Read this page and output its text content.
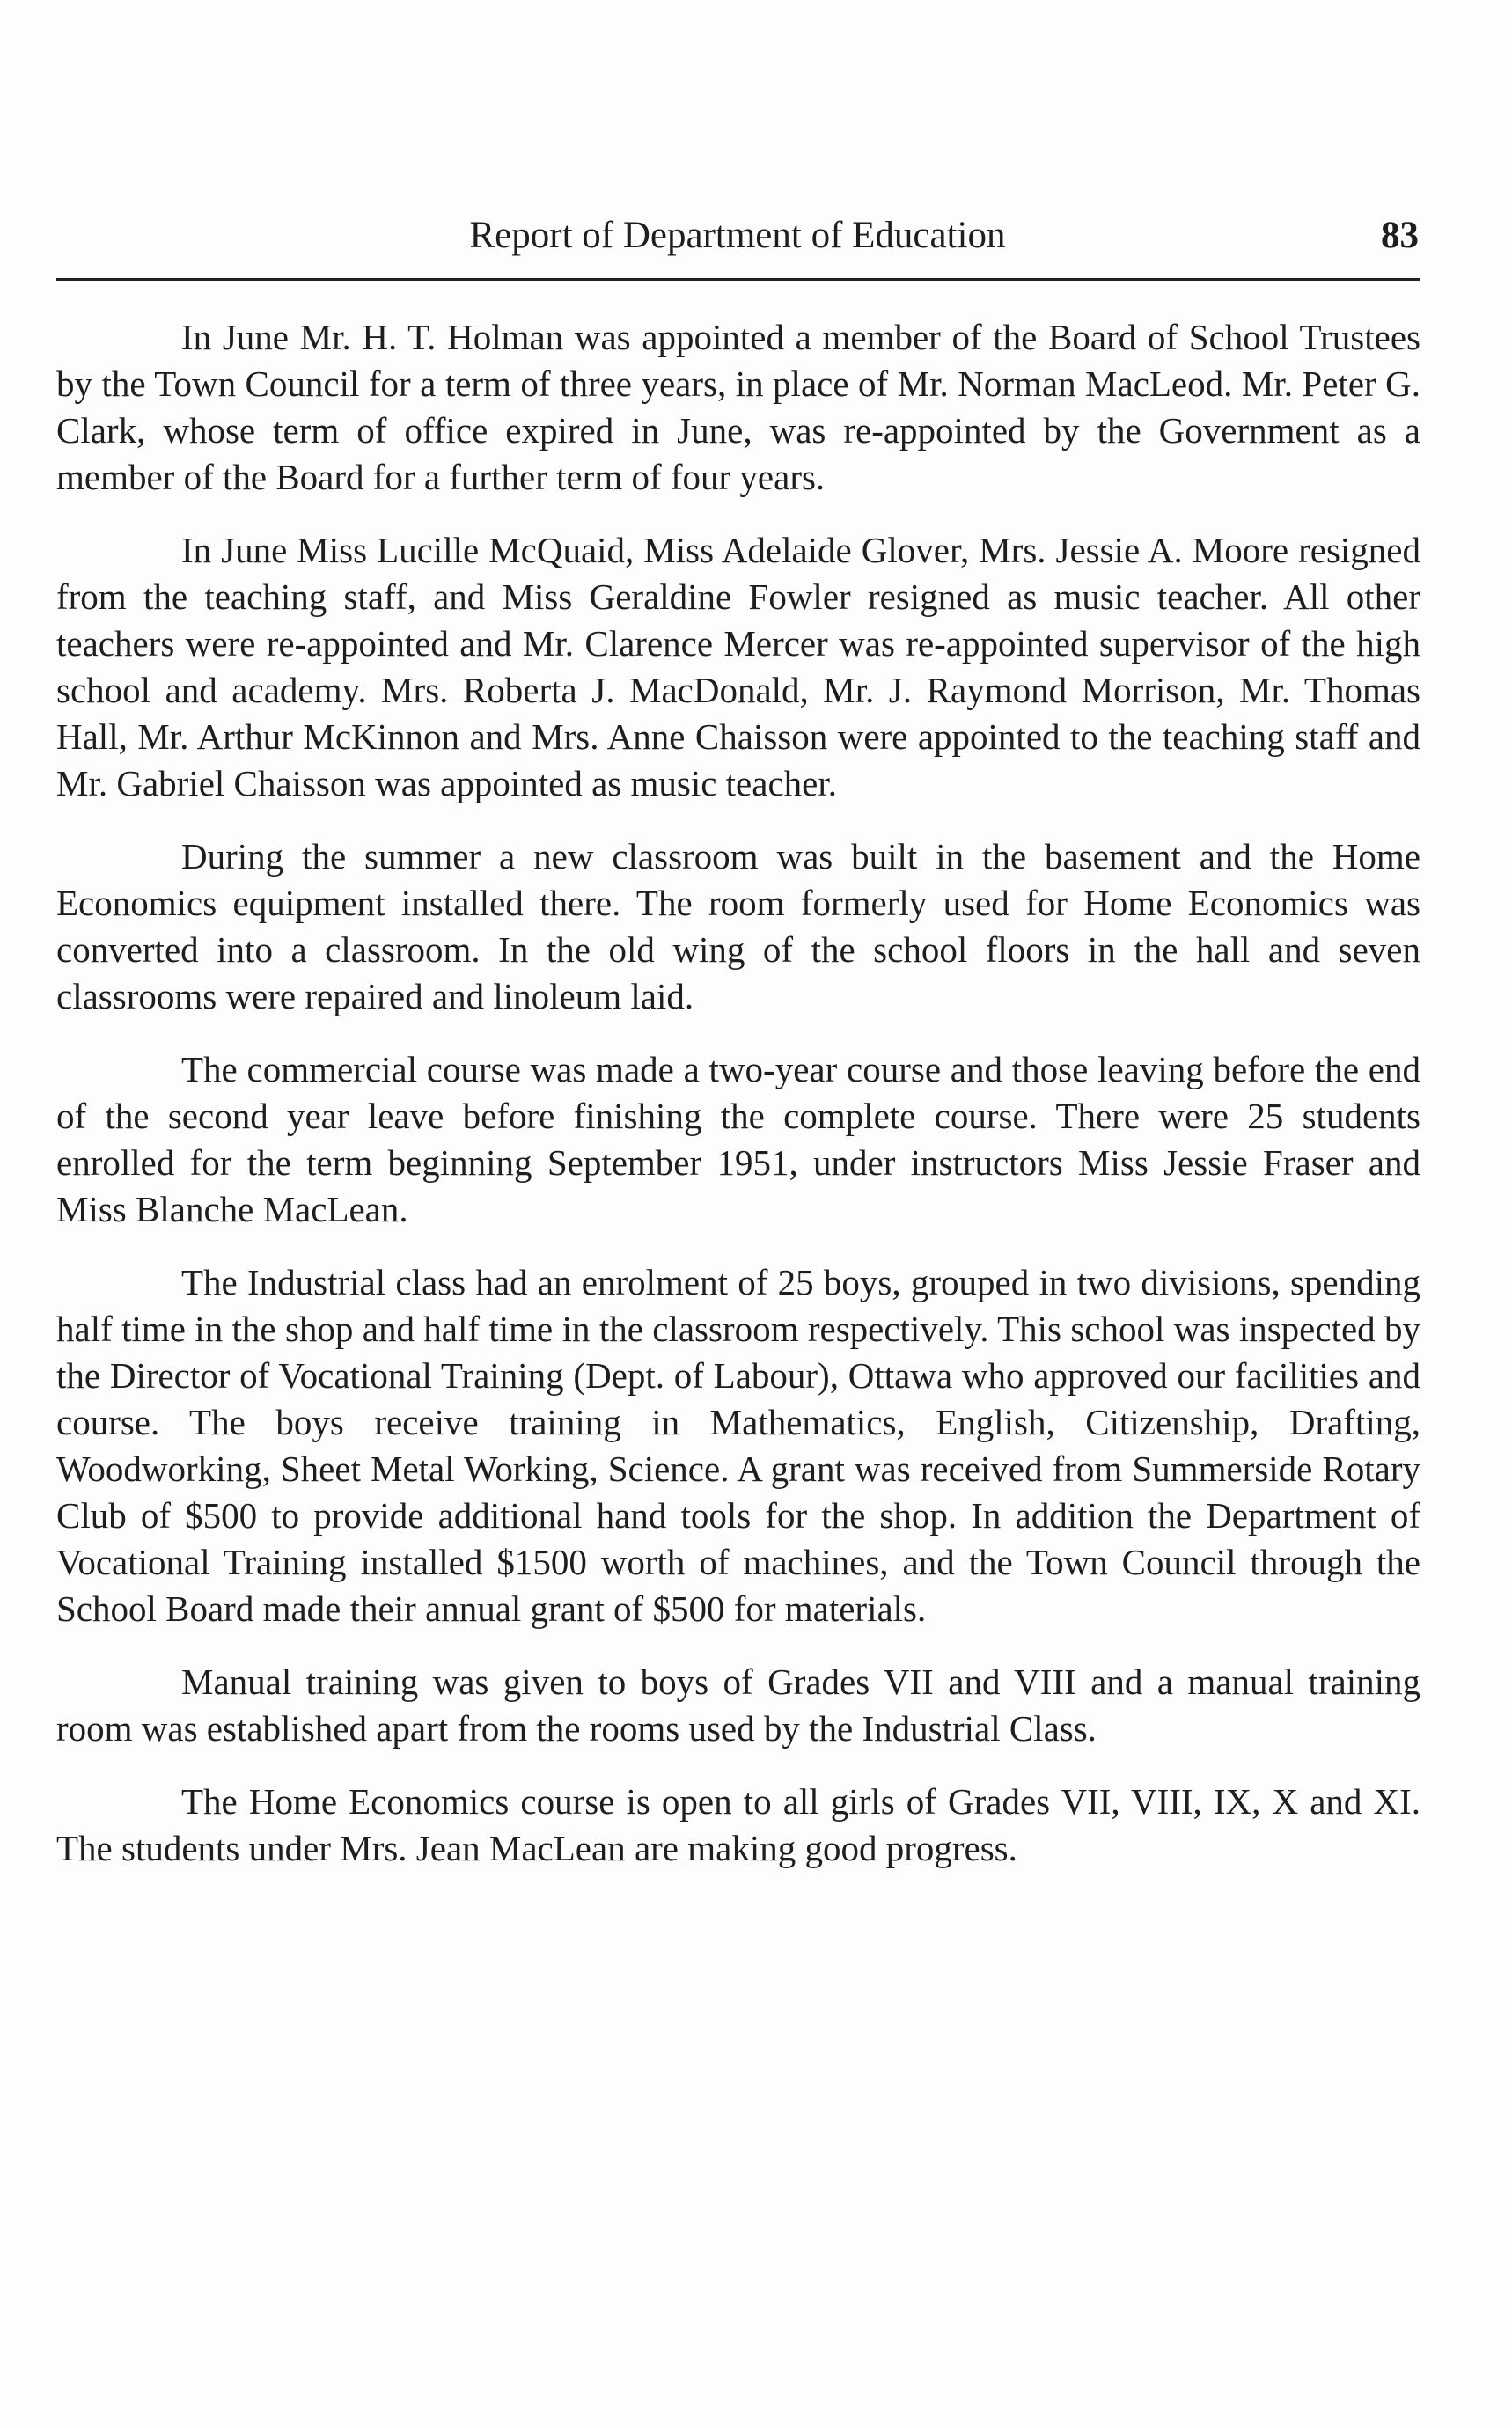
Report of Department of Education	83

In June Mr. H. T. Holman was appointed a member of the Board of School Trustees by the Town Council for a term of three years, in place of Mr. Norman MacLeod. Mr. Peter G. Clark, whose term of office expired in June, was re-appointed by the Government as a member of the Board for a further term of four years.

In June Miss Lucille McQuaid, Miss Adelaide Glover, Mrs. Jessie A. Moore resigned from the teaching staff, and Miss Geraldine Fowler resigned as music teacher. All other teachers were re-appointed and Mr. Clarence Mercer was re-appointed supervisor of the high school and academy. Mrs. Roberta J. MacDonald, Mr. J. Raymond Morrison, Mr. Thomas Hall, Mr. Arthur McKinnon and Mrs. Anne Chaisson were appointed to the teaching staff and Mr. Gabriel Chaisson was appointed as music teacher.

During the summer a new classroom was built in the basement and the Home Economics equipment installed there. The room formerly used for Home Economics was converted into a classroom. In the old wing of the school floors in the hall and seven classrooms were repaired and linoleum laid.

The commercial course was made a two-year course and those leaving before the end of the second year leave before finishing the complete course. There were 25 students enrolled for the term beginning September 1951, under instructors Miss Jessie Fraser and Miss Blanche MacLean.

The Industrial class had an enrolment of 25 boys, grouped in two divisions, spending half time in the shop and half time in the classroom respectively. This school was inspected by the Director of Vocational Training (Dept. of Labour), Ottawa who approved our facilities and course. The boys receive training in Mathematics, English, Citizenship, Drafting, Woodworking, Sheet Metal Working, Science. A grant was received from Summerside Rotary Club of $500 to provide additional hand tools for the shop. In addition the Department of Vocational Training installed $1500 worth of machines, and the Town Council through the School Board made their annual grant of $500 for materials.

Manual training was given to boys of Grades VII and VIII and a manual training room was established apart from the rooms used by the Industrial Class.

The Home Economics course is open to all girls of Grades VII, VIII, IX, X and XI. The students under Mrs. Jean MacLean are making good progress.
